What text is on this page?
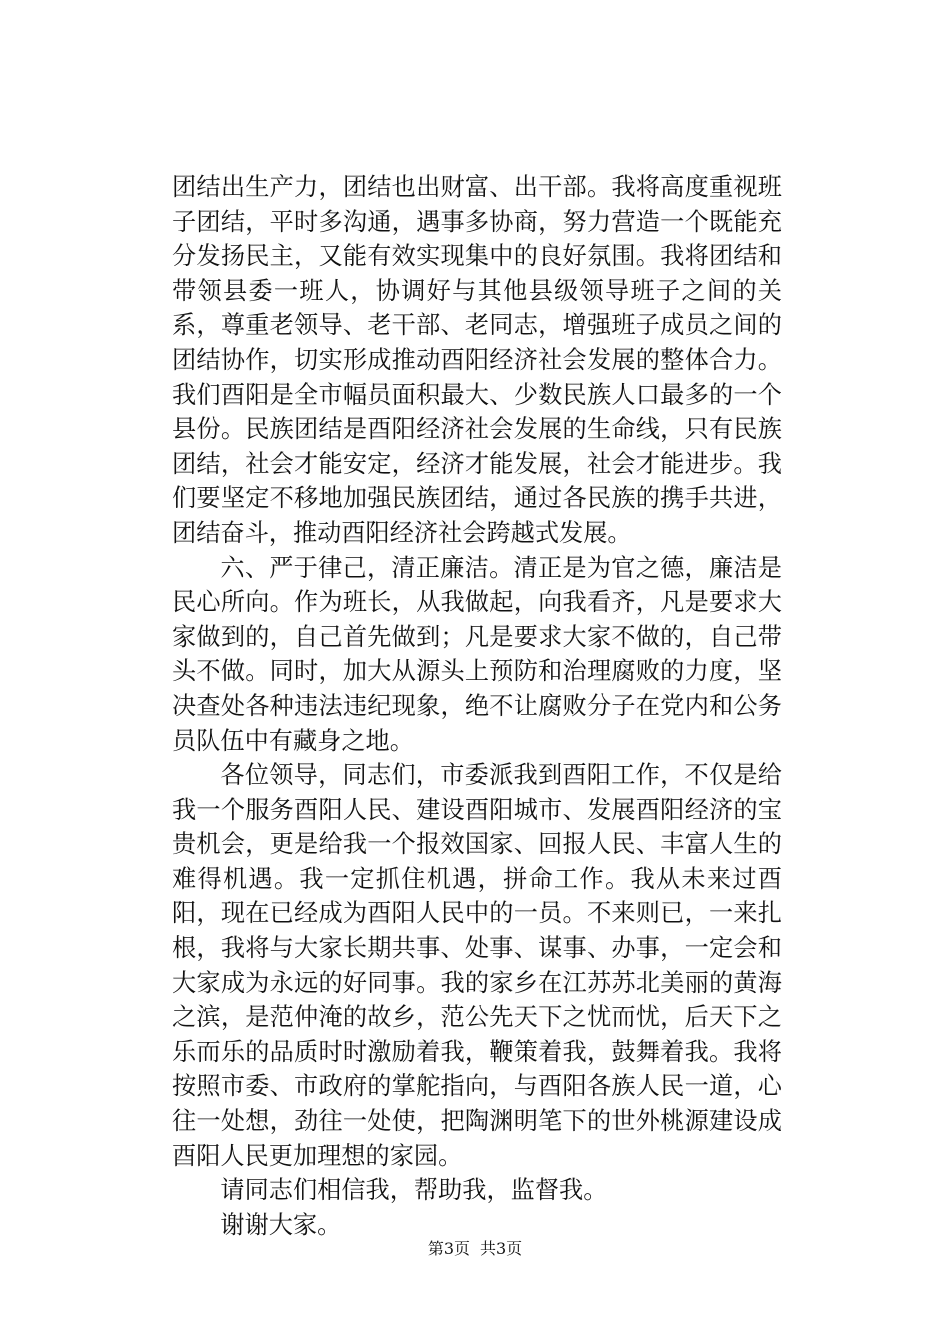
团结出生产力，团结也出财富、出干部。我将高度重视班子团结，平时多沟通，遇事多协商，努力营造一个既能充分发扬民主，又能有效实现集中的良好氛围。我将团结和带领县委一班人，协调好与其他县级领导班子之间的关系，尊重老领导、老干部、老同志，增强班子成员之间的团结协作，切实形成推动酉阳经济社会发展的整体合力。我们酉阳是全市幅员面积最大、少数民族人口最多的一个县份。民族团结是酉阳经济社会发展的生命线，只有民族团结，社会才能安定，经济才能发展，社会才能进步。我们要坚定不移地加强民族团结，通过各民族的携手共进，团结奋斗，推动酉阳经济社会跨越式发展。

六、严于律己，清正廉洁。清正是为官之德，廉洁是民心所向。作为班长，从我做起，向我看齐，凡是要求大家做到的，自己首先做到；凡是要求大家不做的，自己带头不做。同时，加大从源头上预防和治理腐败的力度，坚决查处各种违法违纪现象，绝不让腐败分子在党内和公务员队伍中有藏身之地。

各位领导，同志们，市委派我到酉阳工作，不仅是给我一个服务酉阳人民、建设酉阳城市、发展酉阳经济的宝贵机会，更是给我一个报效国家、回报人民、丰富人生的难得机遇。我一定抓住机遇，拼命工作。我从未来过酉阳，现在已经成为酉阳人民中的一员。不来则已，一来扎根，我将与大家长期共事、处事、谋事、办事，一定会和大家成为永远的好同事。我的家乡在江苏苏北美丽的黄海之滨，是范仲淹的故乡，范公先天下之忧而忧，后天下之乐而乐的品质时时激励着我，鞭策着我，鼓舞着我。我将按照市委、市政府的掌舵指向，与酉阳各族人民一道，心往一处想，劲往一处使，把陶渊明笔下的世外桃源建设成酉阳人民更加理想的家园。

请同志们相信我，帮助我，监督我。

谢谢大家。

第3页 共3页
